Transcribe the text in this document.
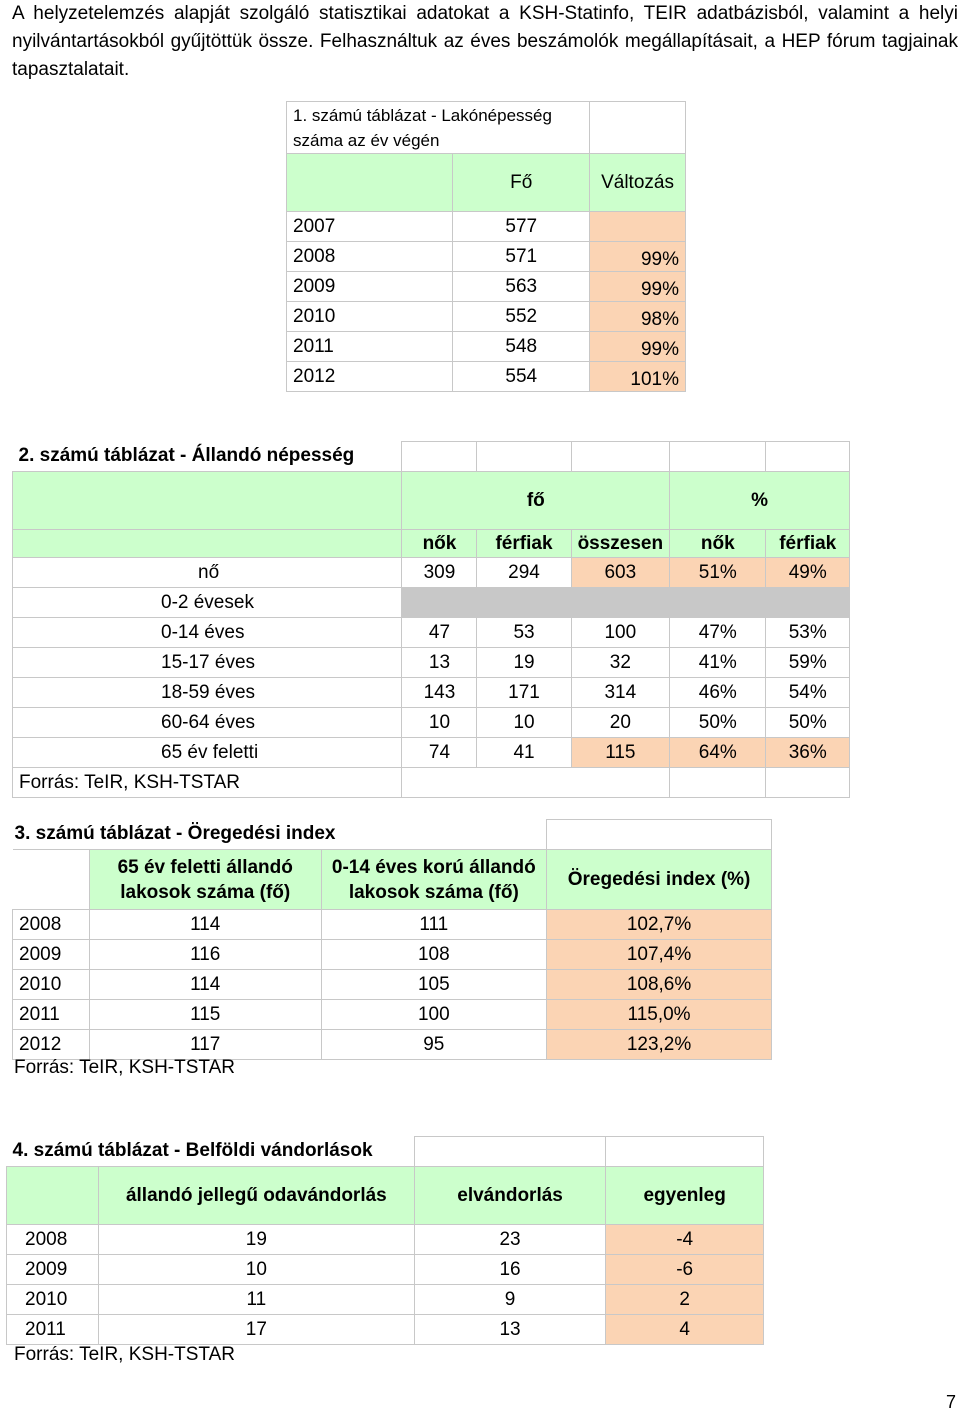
A helyzetelemzés alapját szolgáló statisztikai adatokat a KSH-Statinfo, TEIR adatbázisból, valamint a helyi nyilvántartásokból gyűjtöttük össze. Felhasználtuk az éves beszámolók megállapításait, a HEP fórum tagjainak tapasztalatait.
1. számú táblázat - Lakónépesség száma az év végén		
	Fő	Változás
2007	577	
2008	571	99%
2009	563	99%
2010	552	98%
2011	548	99%
2012	554	101%
2. számú táblázat - Állandó népesség					
	fő			%	
	nők	férfiak	összesen	nők	férfiak
nő	309	294	603	51%	49%
0-2 évesek					
0-14 éves	47	53	100	47%	53%
15-17 éves	13	19	32	41%	59%
18-59 éves	143	171	314	46%	54%
60-64 éves	10	10	20	50%	50%
65 év feletti	74	41	115	64%	36%
Forrás: TeIR, KSH-TSTAR					
3. számú táblázat - Öregedési index			
	65 év feletti állandó lakosok száma (fő)	0-14 éves korú állandó lakosok száma (fő)	Öregedési index (%)
2008	114	111	102,7%
2009	116	108	107,4%
2010	114	105	108,6%
2011	115	100	115,0%
2012	117	95	123,2%
Forrás: TeIR, KSH-TSTAR
4. számú táblázat - Belföldi vándorlások			
	állandó jellegű odavándorlás	elvándorlás	egyenleg
2008	19	23	-4
2009	10	16	-6
2010	11	9	2
2011	17	13	4
Forrás: TeIR, KSH-TSTAR
7
